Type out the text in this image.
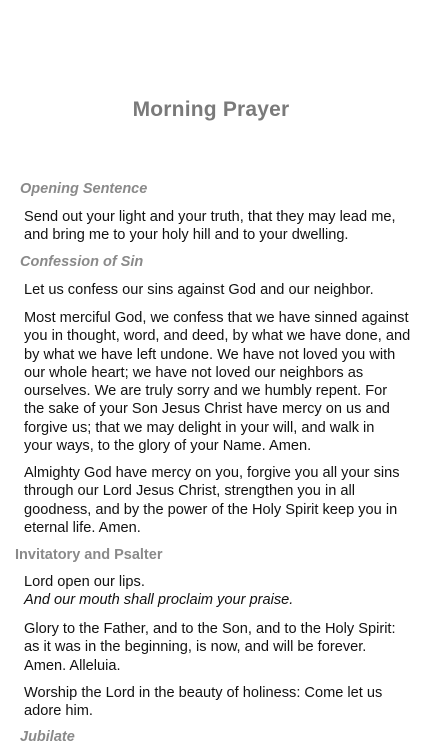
Morning Prayer
Opening Sentence

Send out your light and your truth, that they may lead me,
and bring me to your holy hill and to your dwelling.

Confession of Sin

Let us confess our sins against God and our neighbor.

Most merciful God, we confess that we have sinned against
you in thought, word, and deed, by what we have done, and
by what we have left undone. We have not loved you with
our whole heart; we have not loved our neighbors as
ourselves. We are truly sorry and we humbly repent. For
the sake of your Son Jesus Christ have mercy on us and
forgive us; that we may delight in your will, and walk in
your ways, to the glory of your Name. Amen.

Almighty God have mercy on you, forgive you all your sins
through our Lord Jesus Christ, strengthen you in all
goodness, and by the power of the Holy Spirit keep you in
eternal life. Amen.

Invitatory and Psalter

Lord open our lips.
And our mouth shall proclaim your praise.

Glory to the Father, and to the Son, and to the Holy Spirit:
as it was in the beginning, is now, and will be forever.
Amen. Alleluia.

Worship the Lord in the beauty of holiness: Come let us
adore him.

Jubilate
